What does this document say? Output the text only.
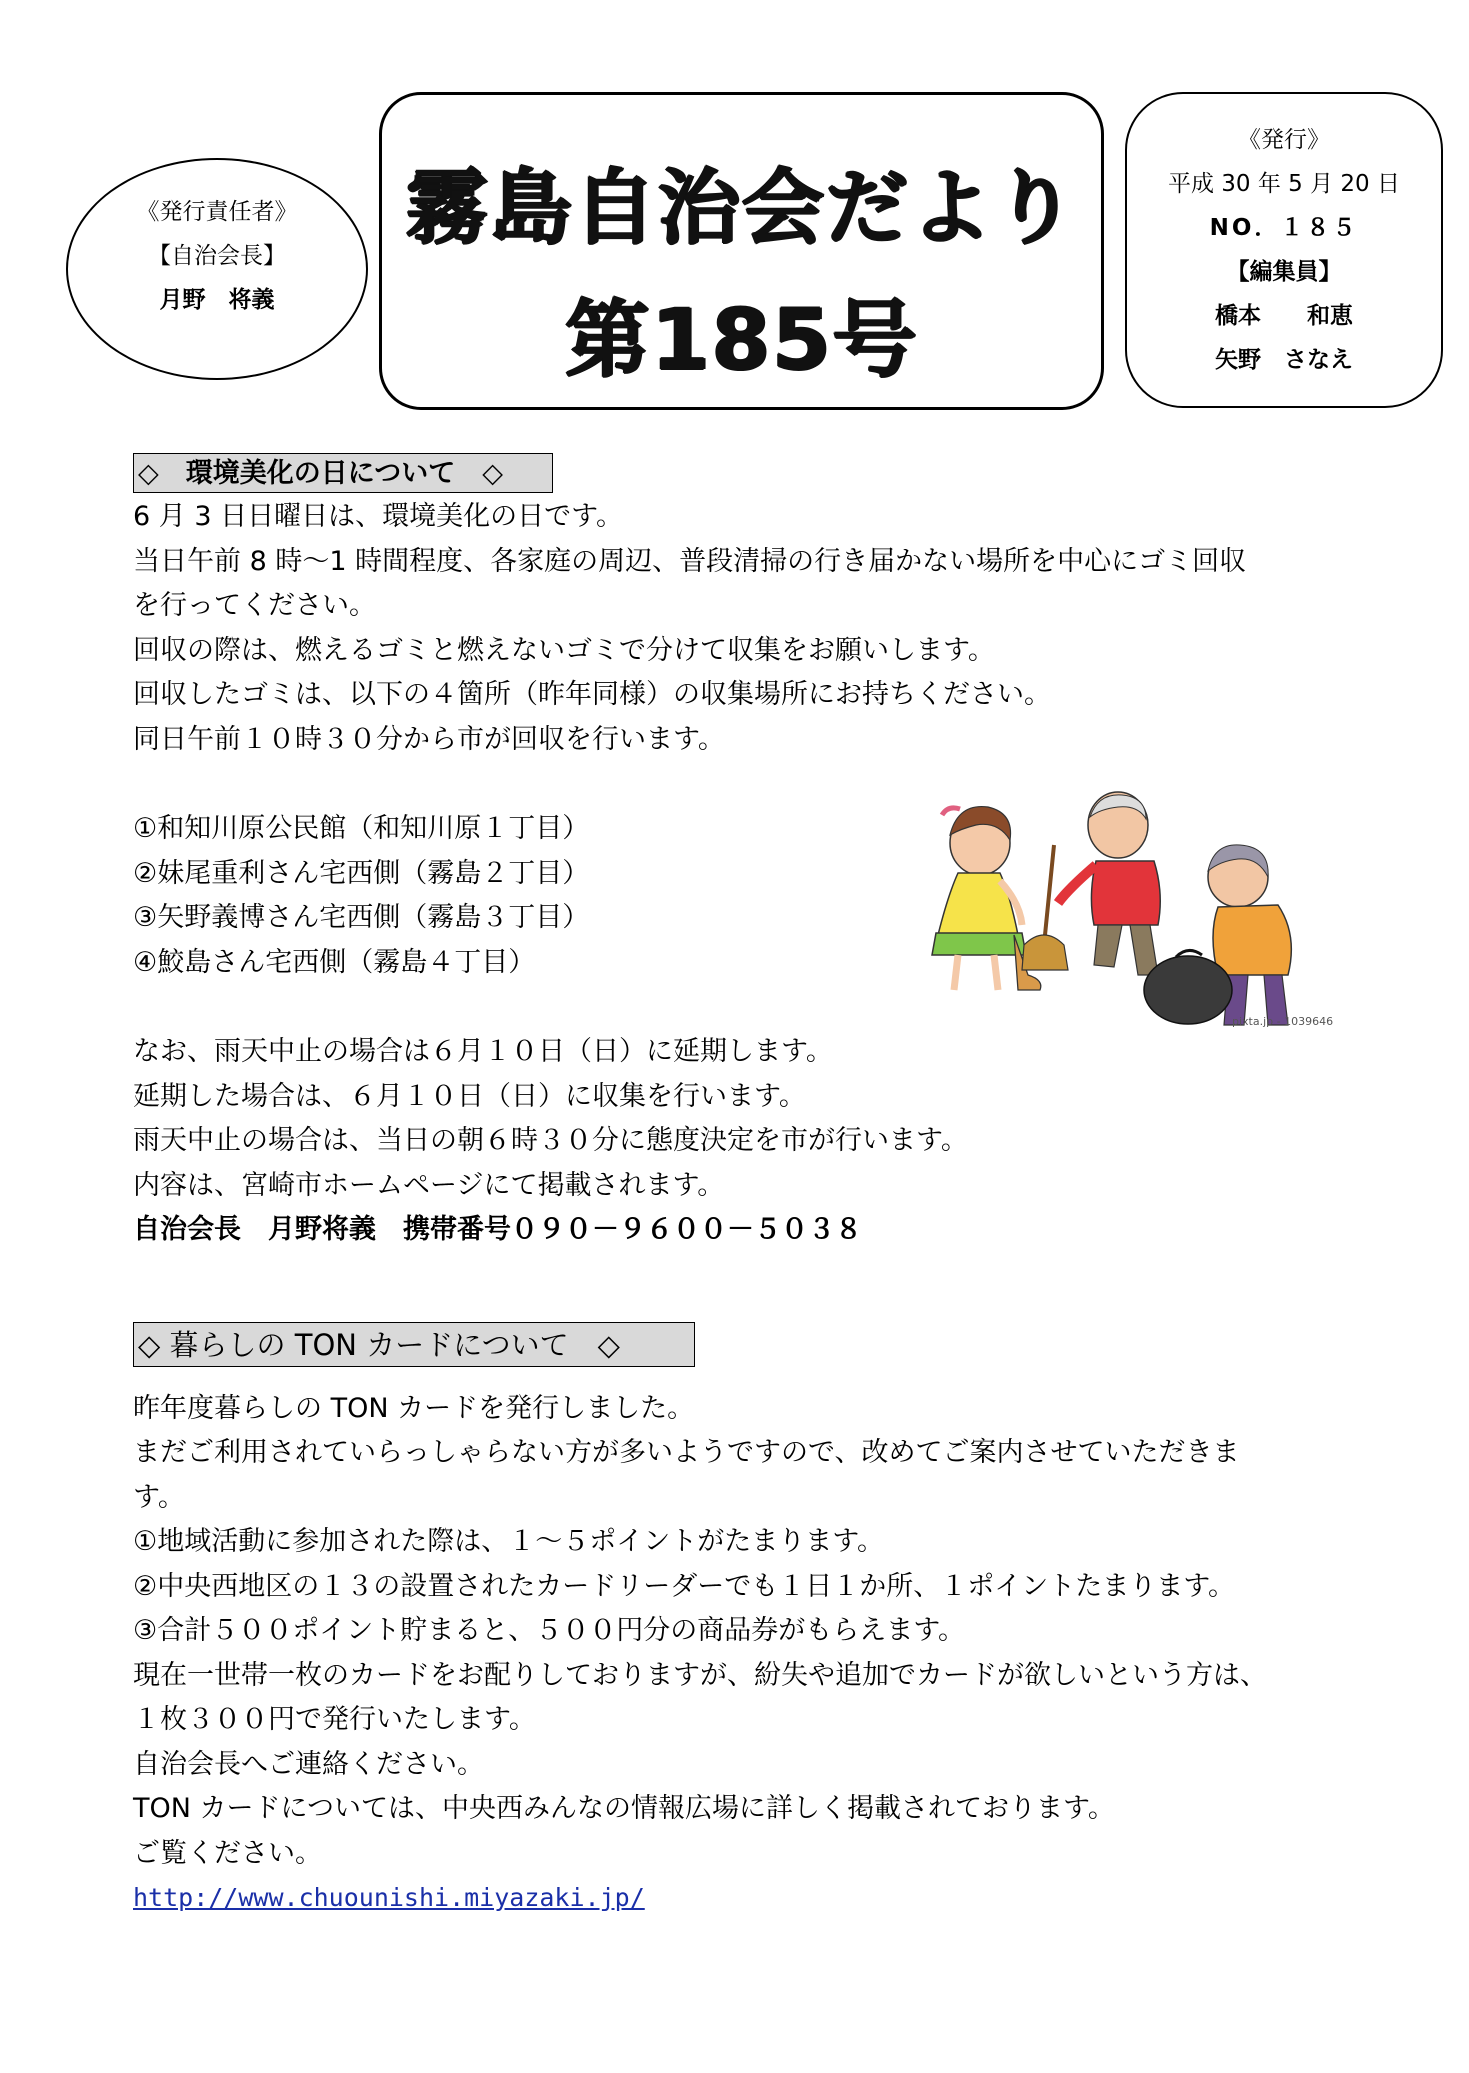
《発行責任者》
【自治会長】
月野　将義
霧島自治会だより
第185号
《発行》
平成 30 年 5 月 20 日
NO．１８５
【編集員】
橋本　　和恵
矢野　さなえ
◇　環境美化の日について　◇
6 月 3 日日曜日は、環境美化の日です。
当日午前 8 時～1 時間程度、各家庭の周辺、普段清掃の行き届かない場所を中心にゴミ回収
を行ってください。
回収の際は、燃えるゴミと燃えないゴミで分けて収集をお願いします。
回収したゴミは、以下の４箇所（昨年同様）の収集場所にお持ちください。
同日午前１０時３０分から市が回収を行います。
①和知川原公民館（和知川原１丁目）
②妹尾重利さん宅西側（霧島２丁目）
③矢野義博さん宅西側（霧島３丁目）
④鮫島さん宅西側（霧島４丁目）
pixta.jp - 1039646
なお、雨天中止の場合は６月１０日（日）に延期します。
延期した場合は、６月１０日（日）に収集を行います。
雨天中止の場合は、当日の朝６時３０分に態度決定を市が行います。
内容は、宮崎市ホームページにて掲載されます。
自治会長　月野将義　携帯番号０９０－９６００－５０３８
◇ 暮らしの TON カードについて　◇
昨年度暮らしの TON カードを発行しました。
まだご利用されていらっしゃらない方が多いようですので、改めてご案内させていただきま
す。
①地域活動に参加された際は、１～５ポイントがたまります。
②中央西地区の１３の設置されたカードリーダーでも１日１か所、１ポイントたまります。
③合計５００ポイント貯まると、５００円分の商品券がもらえます。
現在一世帯一枚のカードをお配りしておりますが、紛失や追加でカードが欲しいという方は、
１枚３００円で発行いたします。
自治会長へご連絡ください。
TON カードについては、中央西みんなの情報広場に詳しく掲載されております。
ご覧ください。
http://www.chuounishi.miyazaki.jp/
